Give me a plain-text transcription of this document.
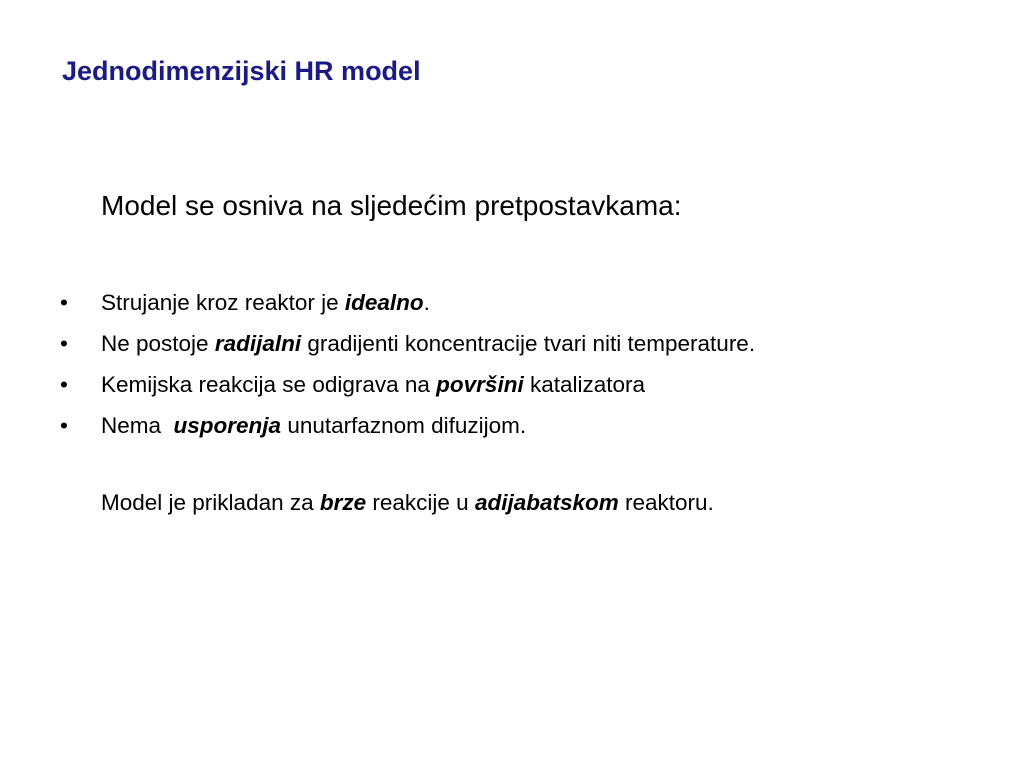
Jednodimenzijski HR model
Model se osniva na sljedećim pretpostavkama:
•	Strujanje kroz reaktor je idealno.
•	Ne postoje radijalni gradijenti koncentracije tvari niti temperature.
•	Kemijska reakcija se odigrava na površini katalizatora
•	Nema  usporenja unutarfaznom difuzijom.
Model je prikladan za brze reakcije u adijabatskom reaktoru.
